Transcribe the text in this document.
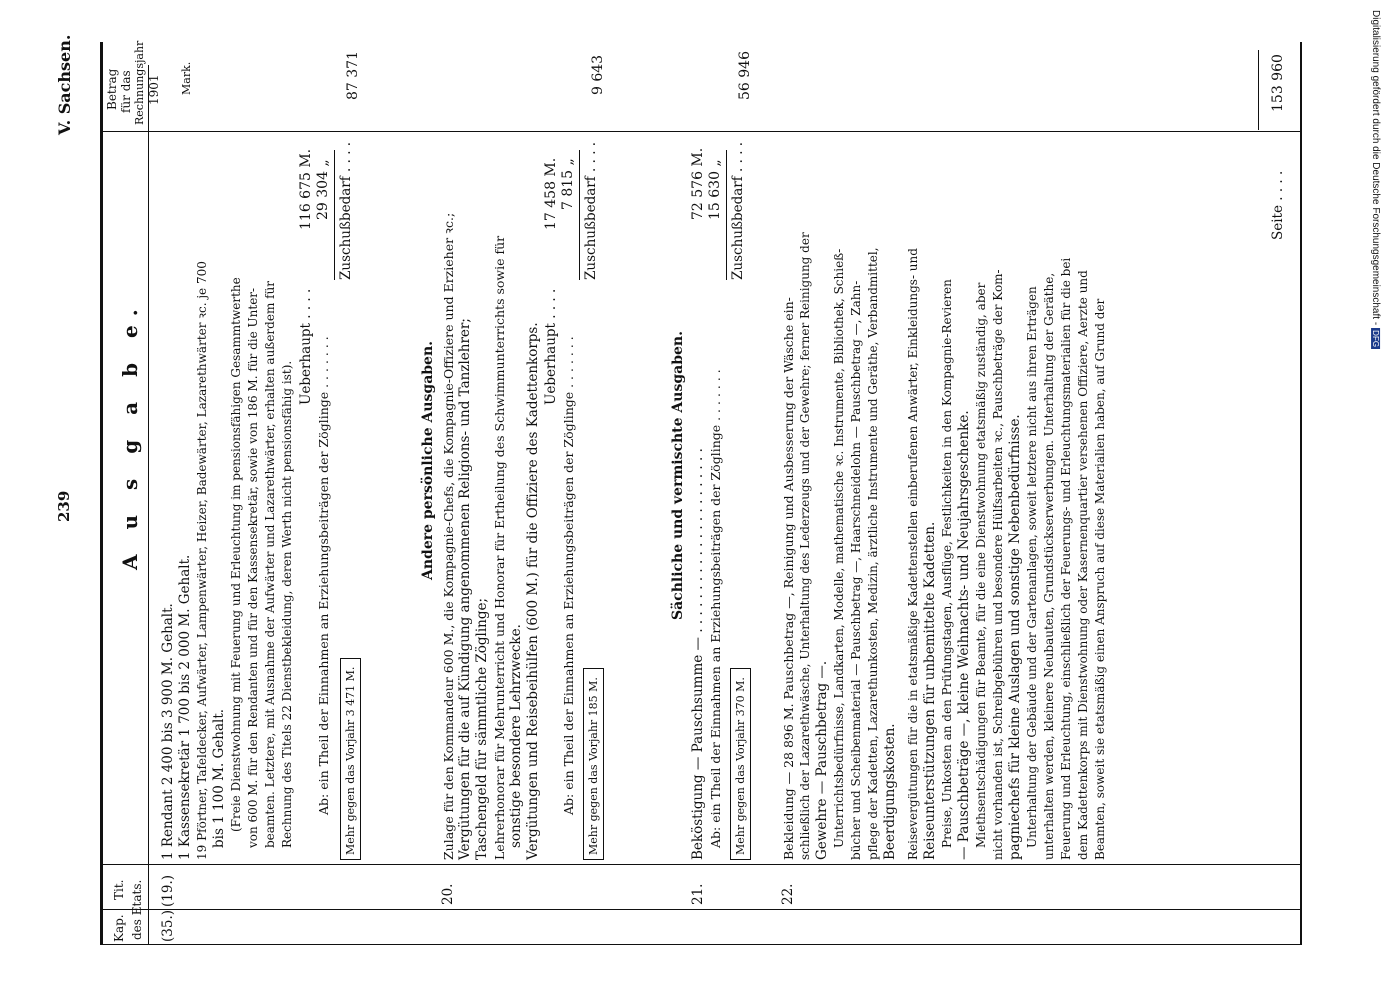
239
V. Sachsen.
Kap.
Tit. des Etats.
A u s g a b e.
Betrag für das Rechnungsjahr 1901 Mark.
(35.)
(19.)
1 Rendant 2 400 bis 3 900 M. Gehalt. 1 Kassensekretär 1 700 bis 2 000 M. Gehalt. 19 Pförtner, Tafeldecker, Aufwärter, Lampenwärter, Heizer, Badewärter, Lazarethwärter ꝛc. je 700 bis 1 100 M. Gehalt. (Freie Dienstwohnung mit Feuerung und Erleuchtung im pensionsfähigen Gesammtwerthe von 600 M. für den Rendanten und für den Kassensekretär, sowie von 186 M. für die Unter- beamten. Letztere, mit Ausnahme der Aufwärter und Lazarethwärter, erhalten außerdem für Rechnung des Titels 22 Dienstbekleidung, deren Werth nicht pensionsfähig ist).
Ueberhaupt . . . .
116 675 M.
Ab: ein Theil der Einnahmen an Erziehungsbeiträgen der Zöglinge . . . . . . .
29 304 „ Zuschußbedarf . . . .
87 371
Mehr gegen das Vorjahr 3 471 M.
20.
Andere persönliche Ausgaben. Zulage für den Kommandeur 600 M., die Kompagnie-Chefs, die Kompagnie-Offiziere und Erzieher ꝛc.; Vergütungen für die auf Kündigung angenommenen Religions- und Tanzlehrer; Taschengeld für sämmtliche Zöglinge; Lehrerhonorar für Mehrunterricht und Honorar für Ertheilung des Schwimmunterrichts sowie für sonstige besondere Lehrzwecke. Vergütungen und Reisebeihülfen (600 M.) für die Offiziere des Kadettenkorps. Ueberhaupt . . . .
17 458 M.
Ab: ein Theil der Einnahmen an Erziehungsbeiträgen der Zöglinge . . . . . . .
7 815 „ Zuschußbedarf . . . .
9 643
Mehr gegen das Vorjahr 185 M.
21.
Sächliche und vermischte Ausgaben. Beköstigung — Pauschsumme — . . . . . . . . . . . . . . . . . . . . . .
72 576 M.
Ab: ein Theil der Einnahmen an Erziehungsbeiträgen der Zöglinge . . . . . . .
15 630 „ Zuschußbedarf . . . .
56 946
Mehr gegen das Vorjahr 370 M.
22.
Bekleidung — 28 896 M. Pauschbetrag —, Reinigung und Ausbesserung der Wäsche ein- schließlich der Lazarethwäsche, Unterhaltung des Lederzeugs und der Gewehre; ferner Reinigung der Gewehre — Pauschbetrag —. Unterrichtsbedürfnisse, Landkarten, Modelle, mathematische ꝛc. Instrumente, Bibliothek, Schieß- bücher und Scheibenmaterial — Pauschbetrag —, Haarschneidelohn — Pauschbetrag —, Zahn- pflege der Kadetten, Lazarethunkosten, Medizin, ärztliche Instrumente und Geräthe, Verbandmittel, Beerdigungskosten. Reisevergütungen für die in etatsmäßige Kadettenstellen einberufenen Anwärter, Einkleidungs- und Reiseunterstützungen für unbemittelte Kadetten. Preise, Unkosten an den Prüfungstagen, Ausflüge, Festlichkeiten in den Kompagnie-Revieren — Pauschbeträge —, kleine Weihnachts- und Neujahrsgeschenke. Miethsentschädigungen für Beamte, für die eine Dienstwohnung etatsmäßig zuständig, aber nicht vorhanden ist, Schreibgebühren und besondere Hülfsarbeiten ꝛc., Pauschbeträge der Kom- pagniechefs für kleine Auslagen und sonstige Nebenbedürfnisse. Unterhaltung der Gebäude und der Gartenanlagen, soweit letztere nicht aus ihren Erträgen unterhalten werden, kleinere Neubauten, Grundstückserwerbungen. Unterhaltung der Geräthe, Feuerung und Erleuchtung, einschließlich der Feuerungs- und Erleuchtungsmaterialien für die bei dem Kadettenkorps mit Dienstwohnung oder Kasernenquartier versehenen Offiziere, Aerzte und Beamten, soweit sie etatsmäßig einen Anspruch auf diese Materialien haben, auf Grund der
Seite . . . .
153 960	Digitalisierung gefördert durch die Deutsche Forschungsgemeinschaft -DFG
